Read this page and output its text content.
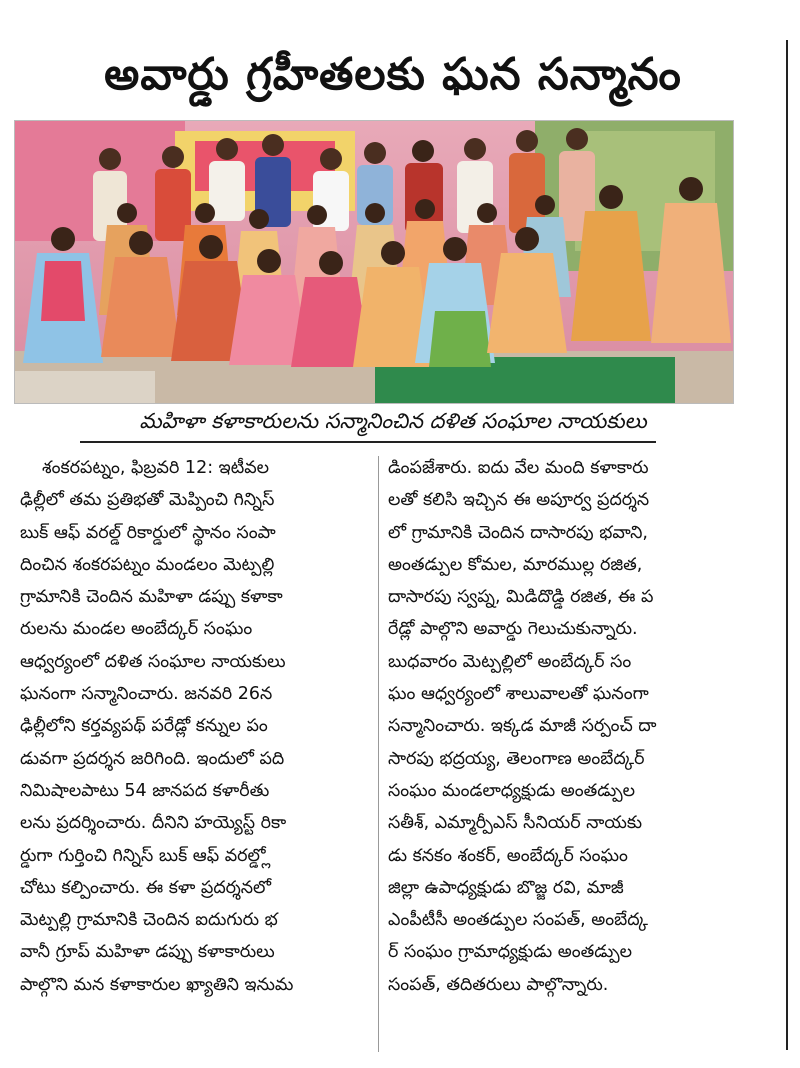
అవార్డు గ్రహీతలకు ఘన సన్మానం
మహిళా కళాకారులను సన్మానించిన దళిత సంఘాల నాయకులు
శంకరపట్నం, ఫిబ్రవరి 12: ఇటీవల
ఢిల్లీలో తమ ప్రతిభతో మెప్పించి గిన్నిస్
బుక్ ఆఫ్ వరల్డ్ రికార్డులో స్థానం సంపా
దించిన శంకరపట్నం మండలం మెట్పల్లి
గ్రామానికి చెందిన మహిళా డప్పు కళాకా
రులను మండల అంబేద్కర్ సంఘం
ఆధ్వర్యంలో దళిత సంఘాల నాయకులు
ఘనంగా సన్మానించారు. జనవరి 26న
ఢిల్లీలోని కర్తవ్యపథ్ పరేడ్లో కన్నుల పం
డువగా ప్రదర్శన జరిగింది. ఇందులో పది
నిమిషాలపాటు 54 జానపద కళారీతు
లను ప్రదర్శించారు. దీనిని హయ్యెస్ట్ రికా
ర్డుగా గుర్తించి గిన్నిస్ బుక్ ఆఫ్ వరల్డ్లో
చోటు కల్పించారు. ఈ కళా ప్రదర్శనలో
మెట్పల్లి గ్రామానికి చెందిన ఐదుగురు భ
వానీ గ్రూప్ మహిళా డప్పు కళాకారులు
పాల్గొని మన కళాకారుల ఖ్యాతిని ఇనుమ
డింపజేశారు. ఐదు వేల మంది కళాకారు
లతో కలిసి ఇచ్చిన ఈ అపూర్వ ప్రదర్శన
లో గ్రామానికి చెందిన దాసారపు భవాని,
అంతడ్పుల కోమల, మారముల్ల రజిత,
దాసారపు స్వప్న, మిడిదొడ్డి రజిత, ఈ ప
రేడ్లో పాల్గొని అవార్డు గెలుచుకున్నారు.
బుధవారం మెట్పల్లిలో అంబేద్కర్ సం
ఘం ఆధ్వర్యంలో శాలువాలతో ఘనంగా
సన్మానించారు. ఇక్కడ మాజీ సర్పంచ్ దా
సారపు భద్రయ్య, తెలంగాణ అంబేద్కర్
సంఘం మండలాధ్యక్షుడు అంతడ్పుల
సతీశ్, ఎమ్మార్పీఎస్ సీనియర్ నాయకు
డు కనకం శంకర్, అంబేద్కర్ సంఘం
జిల్లా ఉపాధ్యక్షుడు బొజ్జ రవి, మాజీ
ఎంపీటీసీ అంతడ్పుల సంపత్, అంబేద్క
ర్ సంఘం గ్రామాధ్యక్షుడు అంతడ్పుల
సంపత్, తదితరులు పాల్గొన్నారు.
